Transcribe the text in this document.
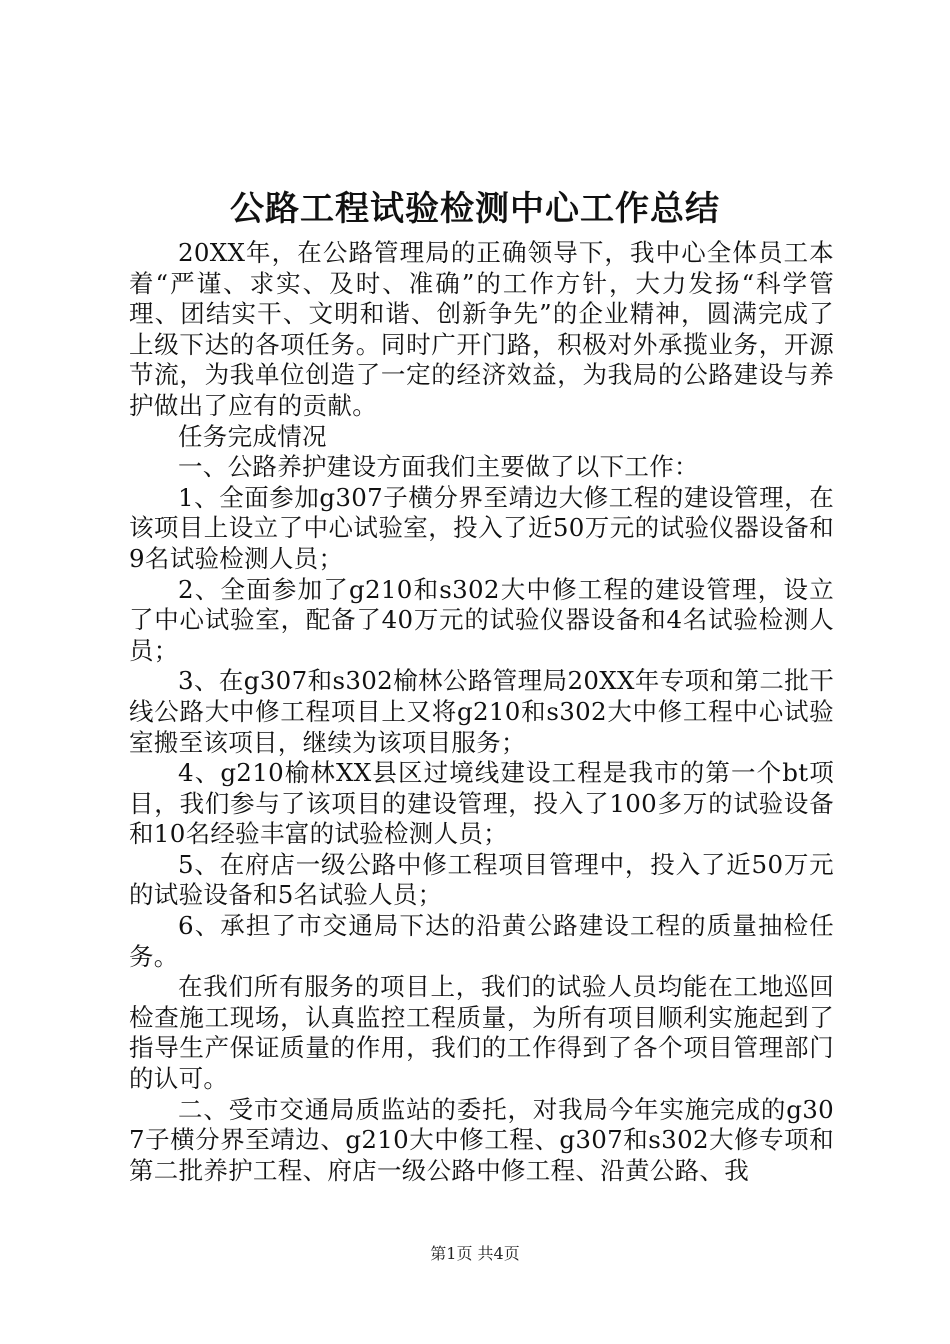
公路工程试验检测中心工作总结

20XX年，在公路管理局的正确领导下，我中心全体员工本着“严谨、求实、及时、准确”的工作方针，大力发扬“科学管理、团结实干、文明和谐、创新争先”的企业精神，圆满完成了上级下达的各项任务。同时广开门路，积极对外承揽业务，开源节流，为我单位创造了一定的经济效益，为我局的公路建设与养护做出了应有的贡献。

任务完成情况

一、公路养护建设方面我们主要做了以下工作：

1、全面参加g307子横分界至靖边大修工程的建设管理，在该项目上设立了中心试验室，投入了近50万元的试验仪器设备和9名试验检测人员；

2、全面参加了g210和s302大中修工程的建设管理，设立了中心试验室，配备了40万元的试验仪器设备和4名试验检测人员；

3、在g307和s302榆林公路管理局20XX年专项和第二批干线公路大中修工程项目上又将g210和s302大中修工程中心试验室搬至该项目，继续为该项目服务；

4、g210榆林XX县区过境线建设工程是我市的第一个bt项目，我们参与了该项目的建设管理，投入了100多万的试验设备和10名经验丰富的试验检测人员；

5、在府店一级公路中修工程项目管理中，投入了近50万元的试验设备和5名试验人员；

6、承担了市交通局下达的沿黄公路建设工程的质量抽检任务。

在我们所有服务的项目上，我们的试验人员均能在工地巡回检查施工现场，认真监控工程质量，为所有项目顺利实施起到了指导生产保证质量的作用，我们的工作得到了各个项目管理部门的认可。

二、受市交通局质监站的委托，对我局今年实施完成的g307子横分界至靖边、g210大中修工程、g307和s302大修专项和第二批养护工程、府店一级公路中修工程、沿黄公路、我

第1页 共4页
